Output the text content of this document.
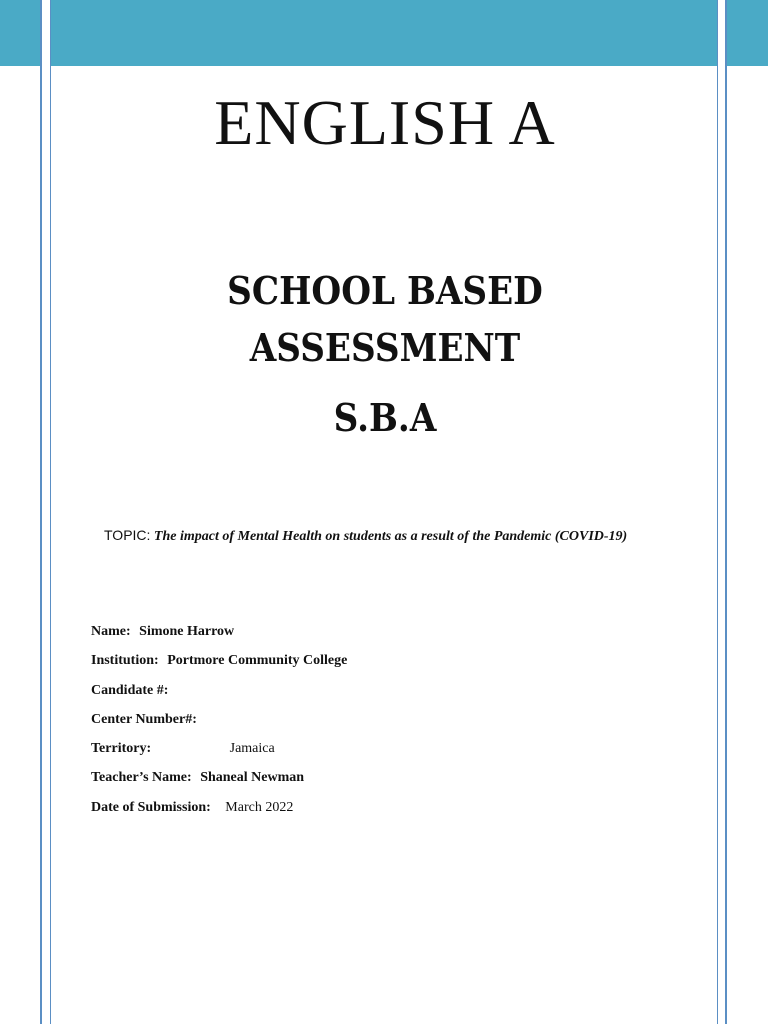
ENGLISH A
SCHOOL BASED
ASSESSMENT
S.B.A
TOPIC: The impact of Mental Health on students as a result of the Pandemic (COVID-19)
Name: Simone Harrow
Institution: Portmore Community College
Candidate #:
Center Number#:
Territory:	Jamaica
Teacher’s Name: Shaneal Newman
Date of Submission: March 2022
